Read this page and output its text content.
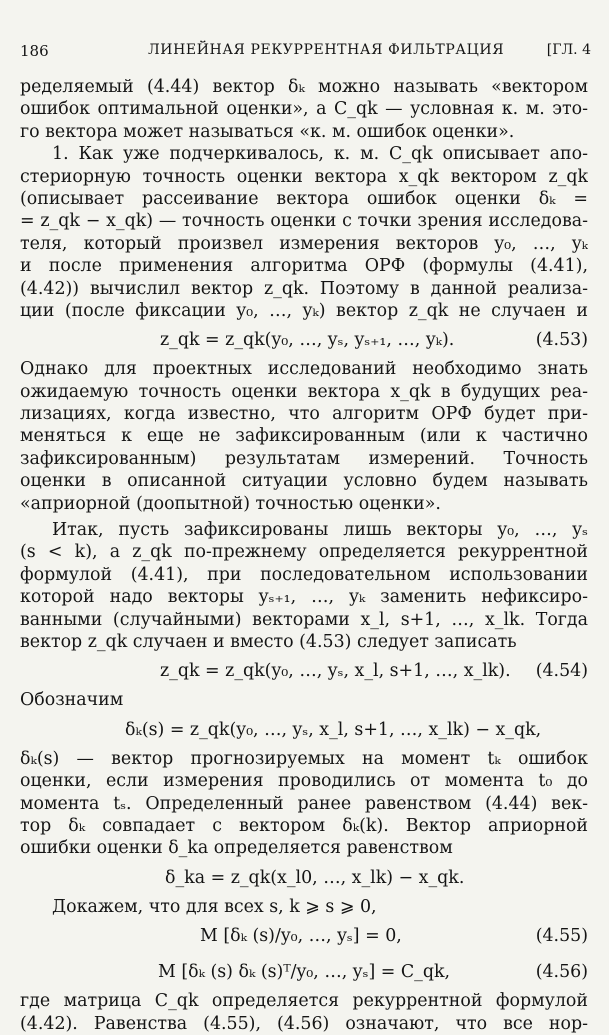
186	ЛИНЕЙНАЯ РЕКУРРЕНТНАЯ ФИЛЬТРАЦИЯ	[ГЛ. 4
ределяемый (4.44) вектор δₖ можно называть «вектором
ошибок оптимальной оценки», а C_qk — условная к. м. это-
го вектора может называться «к. м. ошибок оценки».
1. Как уже подчеркивалось, к. м. C_qk описывает апо-
стериорную точность оценки вектора x_qk вектором z_qk
(описывает рассеивание вектора ошибок оценки δₖ =
= z_qk − x_qk) — точность оценки с точки зрения исследова-
теля, который произвел измерения векторов y₀, …, yₖ
и после применения алгоритма ОРФ (формулы (4.41),
(4.42)) вычислил вектор z_qk. Поэтому в данной реализа-
ции (после фиксации y₀, …, yₖ) вектор z_qk не случаен и
z_qk = z_qk(y₀, …, yₛ, yₛ₊₁, …, yₖ).	(4.53)
Однако для проектных исследований необходимо знать
ожидаемую точность оценки вектора x_qk в будущих реа-
лизациях, когда известно, что алгоритм ОРФ будет при-
меняться к еще не зафиксированным (или к частично
зафиксированным) результатам измерений. Точность
оценки в описанной ситуации условно будем называть
«априорной (доопытной) точностью оценки».
Итак, пусть зафиксированы лишь векторы y₀, …, yₛ
(s < k), а z_qk по-прежнему определяется рекуррентной
формулой (4.41), при последовательном использовании
которой надо векторы yₛ₊₁, …, yₖ заменить нефиксиро-
ванными (случайными) векторами x_l, s+1, …, x_lk. Тогда
вектор z_qk случаен и вместо (4.53) следует записать
z_qk = z_qk(y₀, …, yₛ, x_l, s+1, …, x_lk). (4.54)
Обозначим
δₖ(s) = z_qk(y₀, …, yₛ, x_l, s+1, …, x_lk) − x_qk,
δₖ(s) — вектор прогнозируемых на момент tₖ ошибок
оценки, если измерения проводились от момента t₀ до
момента tₛ. Определенный ранее равенством (4.44) век-
тор δₖ совпадает с вектором δₖ(k). Вектор априорной
ошибки оценки δ_ka определяется равенством
δ_ka = z_qk(x_l0, …, x_lk) − x_qk.
Докажем, что для всех s, k ⩾ s ⩾ 0,
M [δₖ (s)/y₀, …, yₛ] = 0,	(4.55)
M [δₖ (s) δₖ (s)ᵀ/y₀, …, yₛ] = C_qk,	(4.56)
где матрица C_qk определяется рекуррентной формулой
(4.42). Равенства (4.55), (4.56) означают, что все нор-
